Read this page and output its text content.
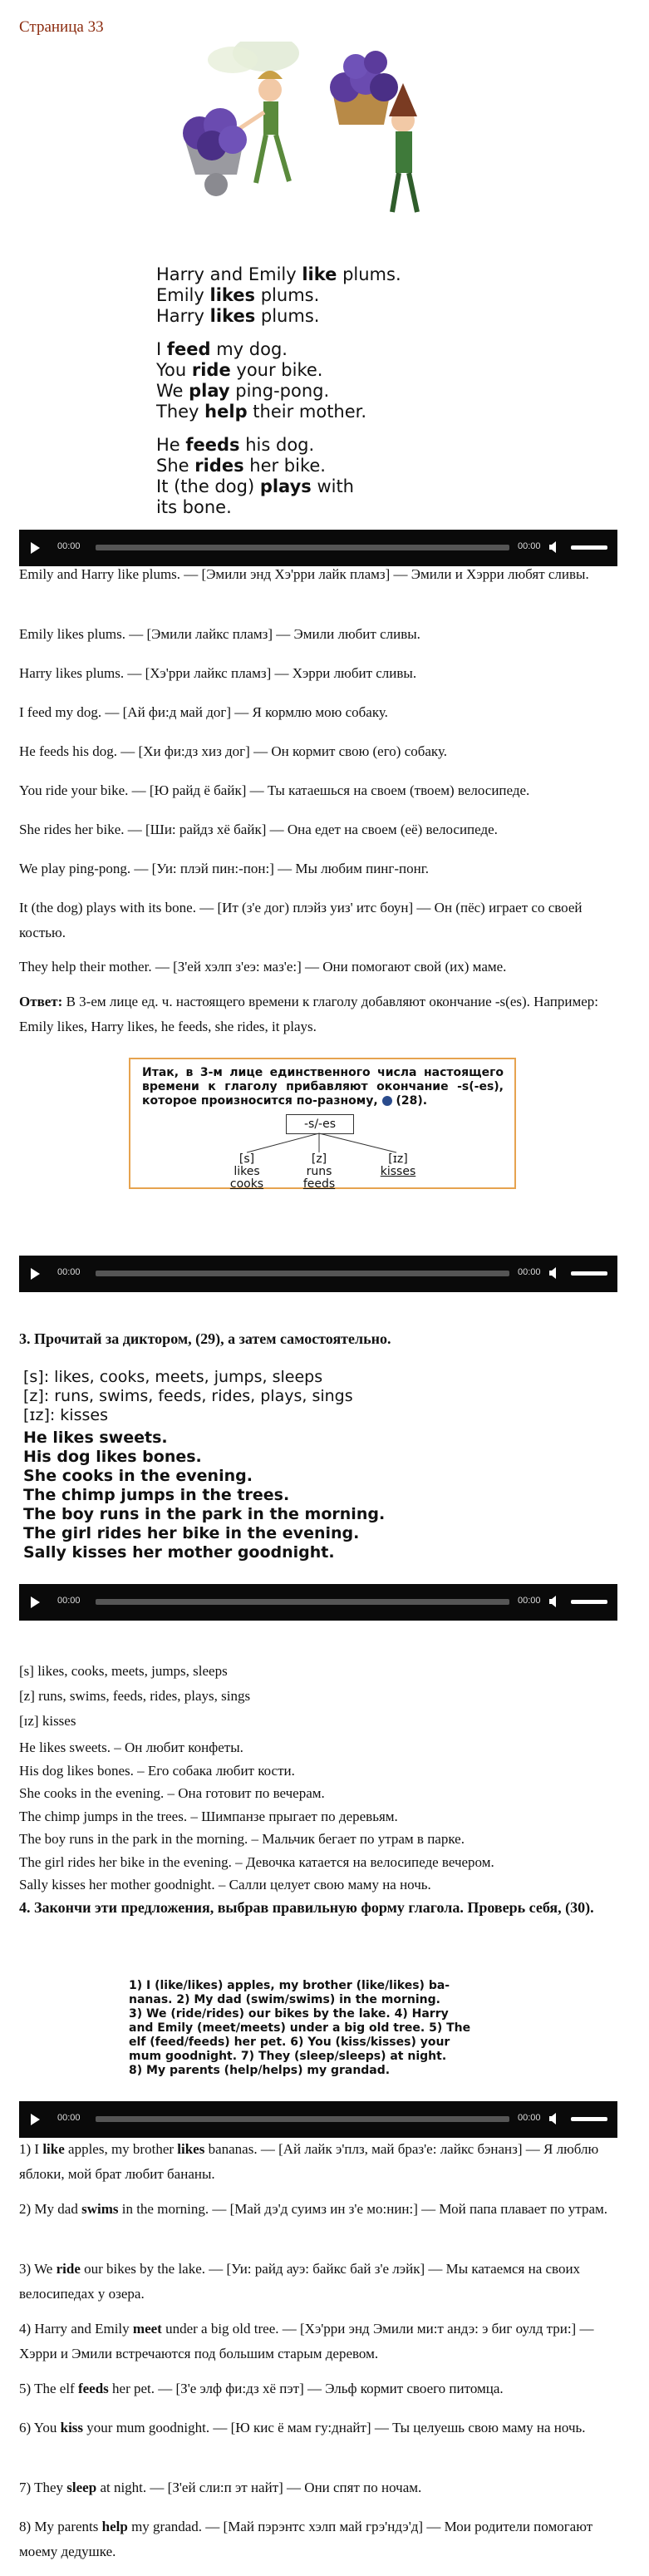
Страница 33
Harry and Emily like plums.
Emily likes plums.
Harry likes plums.
I feed my dog.
You ride your bike.
We play ping-pong.
They help their mother.
He feeds his dog.
She rides her bike.
It (the dog) plays with
its bone.
00:00	00:00
Emily and Harry like plums. — [Эмили энд Хэ'рри лайк пламз] — Эмили и Хэрри любят сливы.
Emily likes plums. — [Эмили лайкс пламз] — Эмили любит сливы.
Harry likes plums. — [Хэ'рри лайкс пламз] — Хэрри любит сливы.
I feed my dog. — [Ай фи:д май дог] — Я кормлю мою собаку.
He feeds his dog. — [Хи фи:дз хиз дог] — Он кормит свою (его) собаку.
You ride your bike. — [Ю райд ё байк] — Ты катаешься на своем (твоем) велосипеде.
She rides her bike. — [Ши: райдз хё байк] — Она едет на своем (её) велосипеде.
We play ping-pong. — [Уи: плэй пин:-пон:] — Мы любим пинг-понг.
It (the dog) plays with its bone. — [Ит (з'е дог) плэйз уиз' итс боун] — Он (пёс) играет со своей костью.
They help their mother. — [З'ей хэлп з'еэ: маз'е:] — Они помогают свой (их) маме.
Ответ: В 3-ем лице ед. ч. настоящего времени к глаголу добавляют окончание -s(es). Например: Emily likes, Harry likes, he feeds, she rides, it plays.
Итак, в 3-м лице единственного числа настоящего времени к глаголу прибавляют окончание -s(-es), которое произносится по-разному, (28).
-s/-es
[s]
likes
cooks
[z]
runs
feeds
[ɪz]
kisses
00:00	00:00
3. Прочитай за диктором, (29), а затем самостоятельно.
[s]: likes, cooks, meets, jumps, sleeps
[z]: runs, swims, feeds, rides, plays, sings
[ɪz]: kisses
He likes sweets.
His dog likes bones.
She cooks in the evening.
The chimp jumps in the trees.
The boy runs in the park in the morning.
The girl rides her bike in the evening.
Sally kisses her mother goodnight.
00:00	00:00
[s] likes, cooks, meets, jumps, sleeps
[z] runs, swims, feeds, rides, plays, sings
[ɪz] kisses
He likes sweets. – Он любит конфеты.
His dog likes bones. – Его собака любит кости.
She cooks in the evening. – Она готовит по вечерам.
The chimp jumps in the trees. – Шимпанзе прыгает по деревьям.
The boy runs in the park in the morning. – Мальчик бегает по утрам в парке.
The girl rides her bike in the evening. – Девочка катается на велосипеде вечером.
Sally kisses her mother goodnight. – Салли целует свою маму на ночь.
4. Закончи эти предложения, выбрав правильную форму глагола. Проверь себя, (30).
1) I (like/likes) apples, my brother (like/likes) ba-
nanas. 2) My dad (swim/swims) in the morning.
3) We (ride/rides) our bikes by the lake. 4) Harry
and Emily (meet/meets) under a big old tree. 5) The
elf (feed/feeds) her pet. 6) You (kiss/kisses) your
mum goodnight. 7) They (sleep/sleeps) at night.
8) My parents (help/helps) my grandad.
00:00	00:00
1) I like apples, my brother likes bananas. — [Ай лайк э'плз, май браз'е: лайкс бэнанз] — Я люблю яблоки, мой брат любит бананы.
2) My dad swims in the morning. — [Май дэ'д суимз ин з'е мо:нин:] — Мой папа плавает по утрам.
3) We ride our bikes by the lake. — [Уи: райд ауэ: байкс бай з'е лэйк] — Мы катаемся на своих велосипедах у озера.
4) Harry and Emily meet under a big old tree. — [Хэ'рри энд Эмили ми:т андэ: э биг оулд три:] — Хэрри и Эмили встречаются под большим старым деревом.
5) The elf feeds her pet. — [З'е элф фи:дз хё пэт] — Эльф кормит своего питомца.
6) You kiss your mum goodnight. — [Ю кис ё мам гу:днайт] — Ты целуешь свою маму на ночь.
7) They sleep at night. — [З'ей сли:п эт найт] — Они спят по ночам.
8) My parents help my grandad. — [Май пэрэнтс хэлп май грэ'ндэ'д] — Мои родители помогают моему дедушке.
